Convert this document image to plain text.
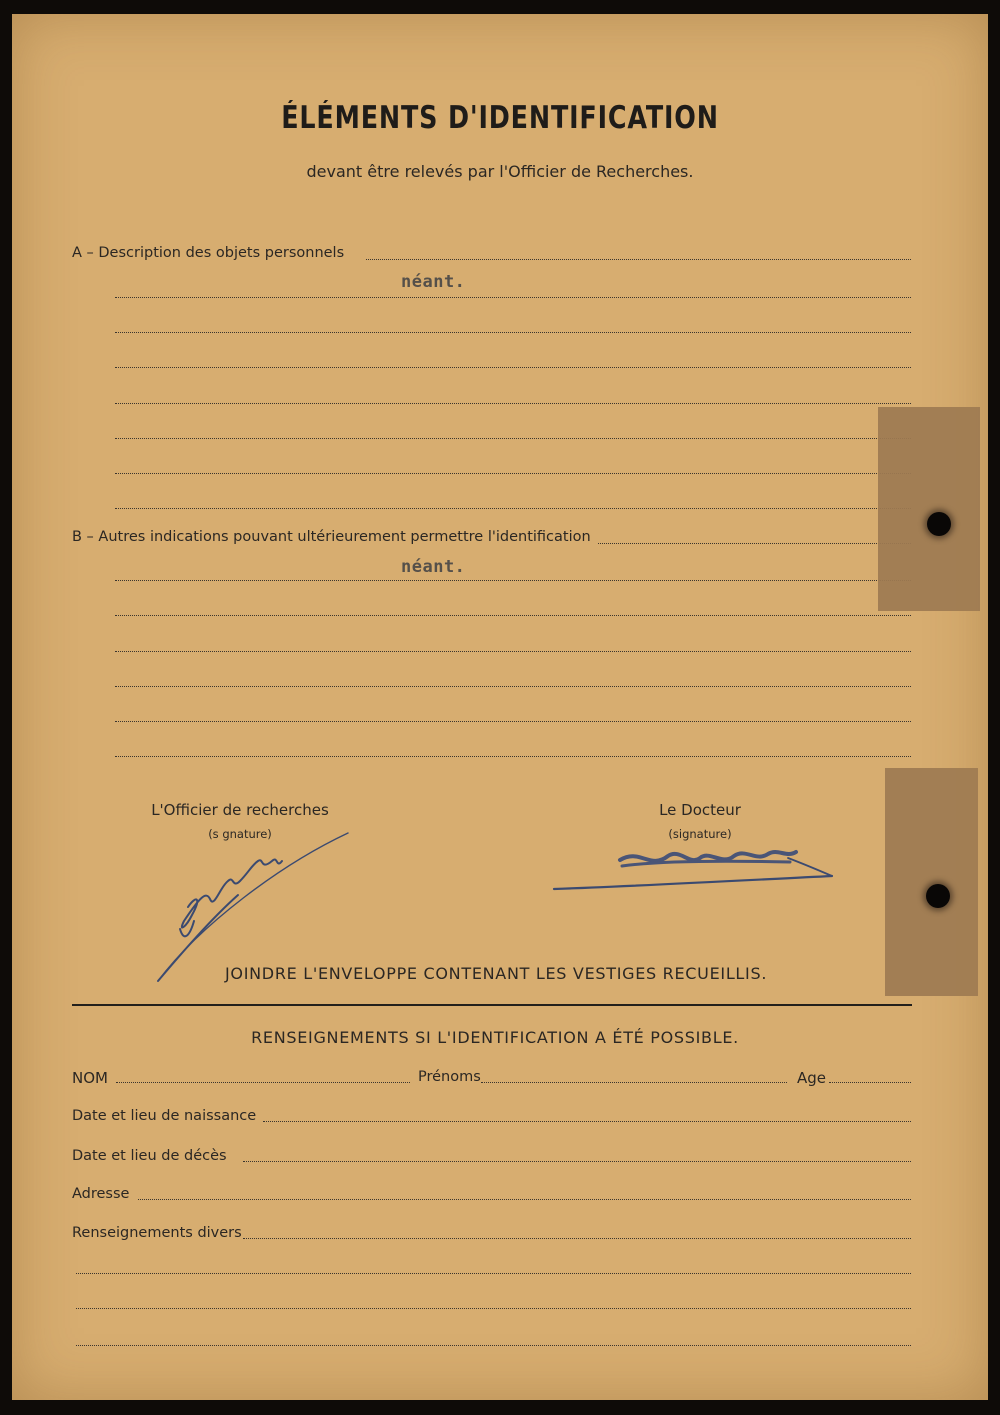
ÉLÉMENTS D'IDENTIFICATION
devant être relevés par l'Officier de Recherches.
A – Description des objets personnels
néant.
B – Autres indications pouvant ultérieurement permettre l'identification
néant.
L'Officier de recherches
(s gnature)
Le Docteur
(signature)
JOINDRE L'ENVELOPPE CONTENANT LES VESTIGES RECUEILLIS.
RENSEIGNEMENTS SI L'IDENTIFICATION A ÉTÉ POSSIBLE.
NOM	Prénoms	Age
Date et lieu de naissance
Date et lieu de décès
Adresse
Renseignements divers
